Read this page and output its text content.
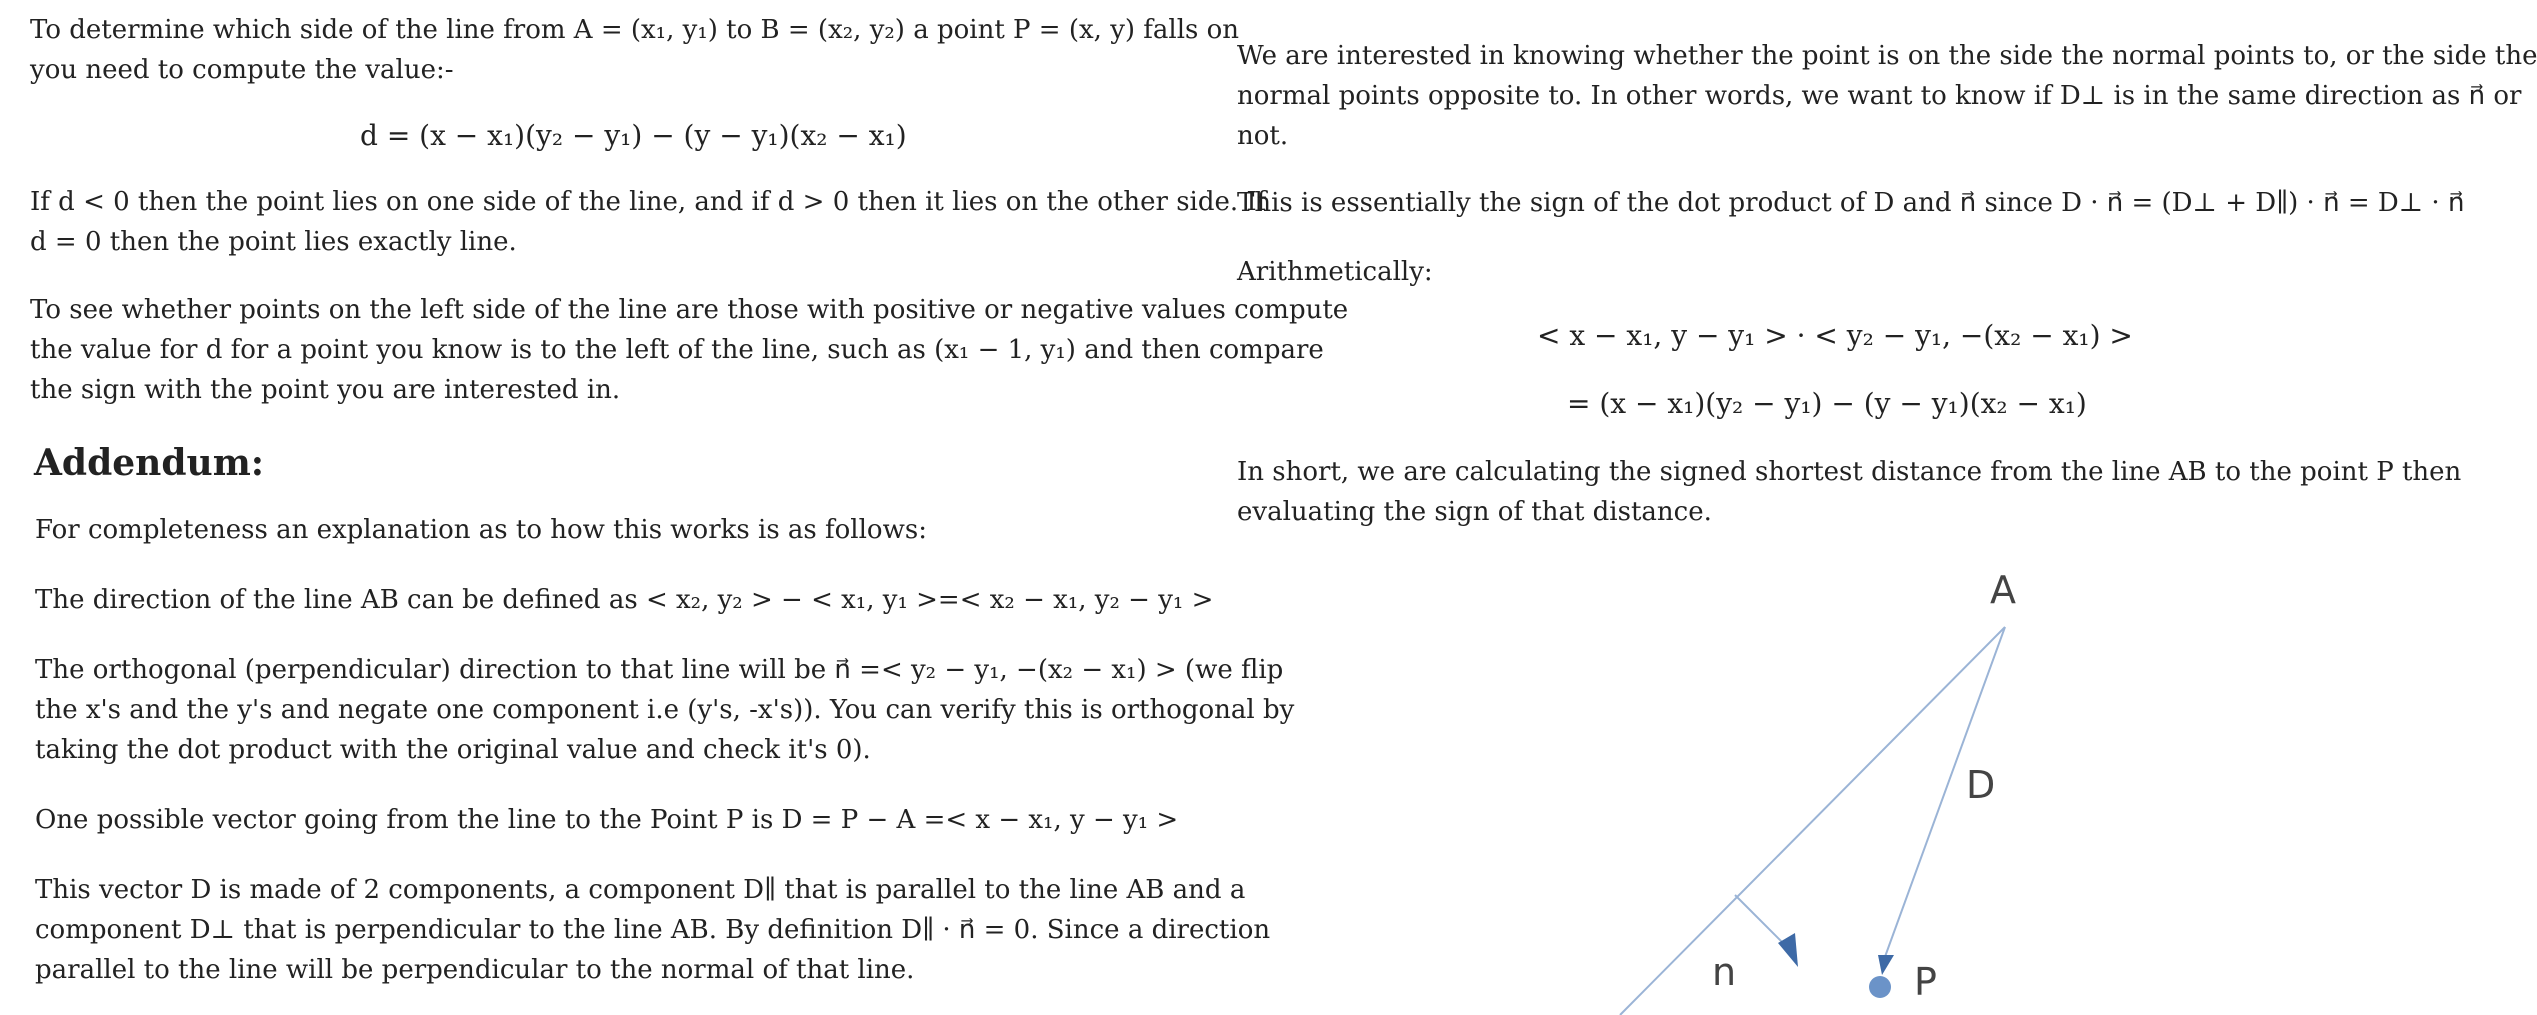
To determine which side of the line from A = (x₁, y₁) to B = (x₂, y₂) a point P = (x, y) falls on

you need to compute the value:-

d = (x − x₁)(y₂ − y₁) − (y − y₁)(x₂ − x₁)

If d < 0 then the point lies on one side of the line, and if d > 0 then it lies on the other side. If

d = 0 then the point lies exactly line.

To see whether points on the left side of the line are those with positive or negative values compute

the value for d for a point you know is to the left of the line, such as (x₁ − 1, y₁) and then compare

the sign with the point you are interested in.

Addendum:

For completeness an explanation as to how this works is as follows:

The direction of the line AB can be defined as < x₂, y₂ > − < x₁, y₁ >=< x₂ − x₁, y₂ − y₁ >

The orthogonal (perpendicular) direction to that line will be n⃗ =< y₂ − y₁, −(x₂ − x₁) > (we flip

the x's and the y's and negate one component i.e (y's, -x's)). You can verify this is orthogonal by

taking the dot product with the original value and check it's 0).

One possible vector going from the line to the Point P is D = P − A =< x − x₁, y − y₁ >

This vector D is made of 2 components, a component D∥ that is parallel to the line AB and a

component D⊥ that is perpendicular to the line AB. By definition D∥ · n⃗ = 0. Since a direction

parallel to the line will be perpendicular to the normal of that line.

We are interested in knowing whether the point is on the side the normal points to, or the side the

normal points opposite to. In other words, we want to know if D⊥ is in the same direction as n⃗ or

not.

This is essentially the sign of the dot product of D and n⃗ since D · n⃗ = (D⊥ + D∥) · n⃗ = D⊥ · n⃗

Arithmetically:

< x − x₁, y − y₁ > · < y₂ − y₁, −(x₂ − x₁) >

= (x − x₁)(y₂ − y₁) − (y − y₁)(x₂ − x₁)

In short, we are calculating the signed shortest distance from the line AB to the point P then

evaluating the sign of that distance.

A
D
n	P
